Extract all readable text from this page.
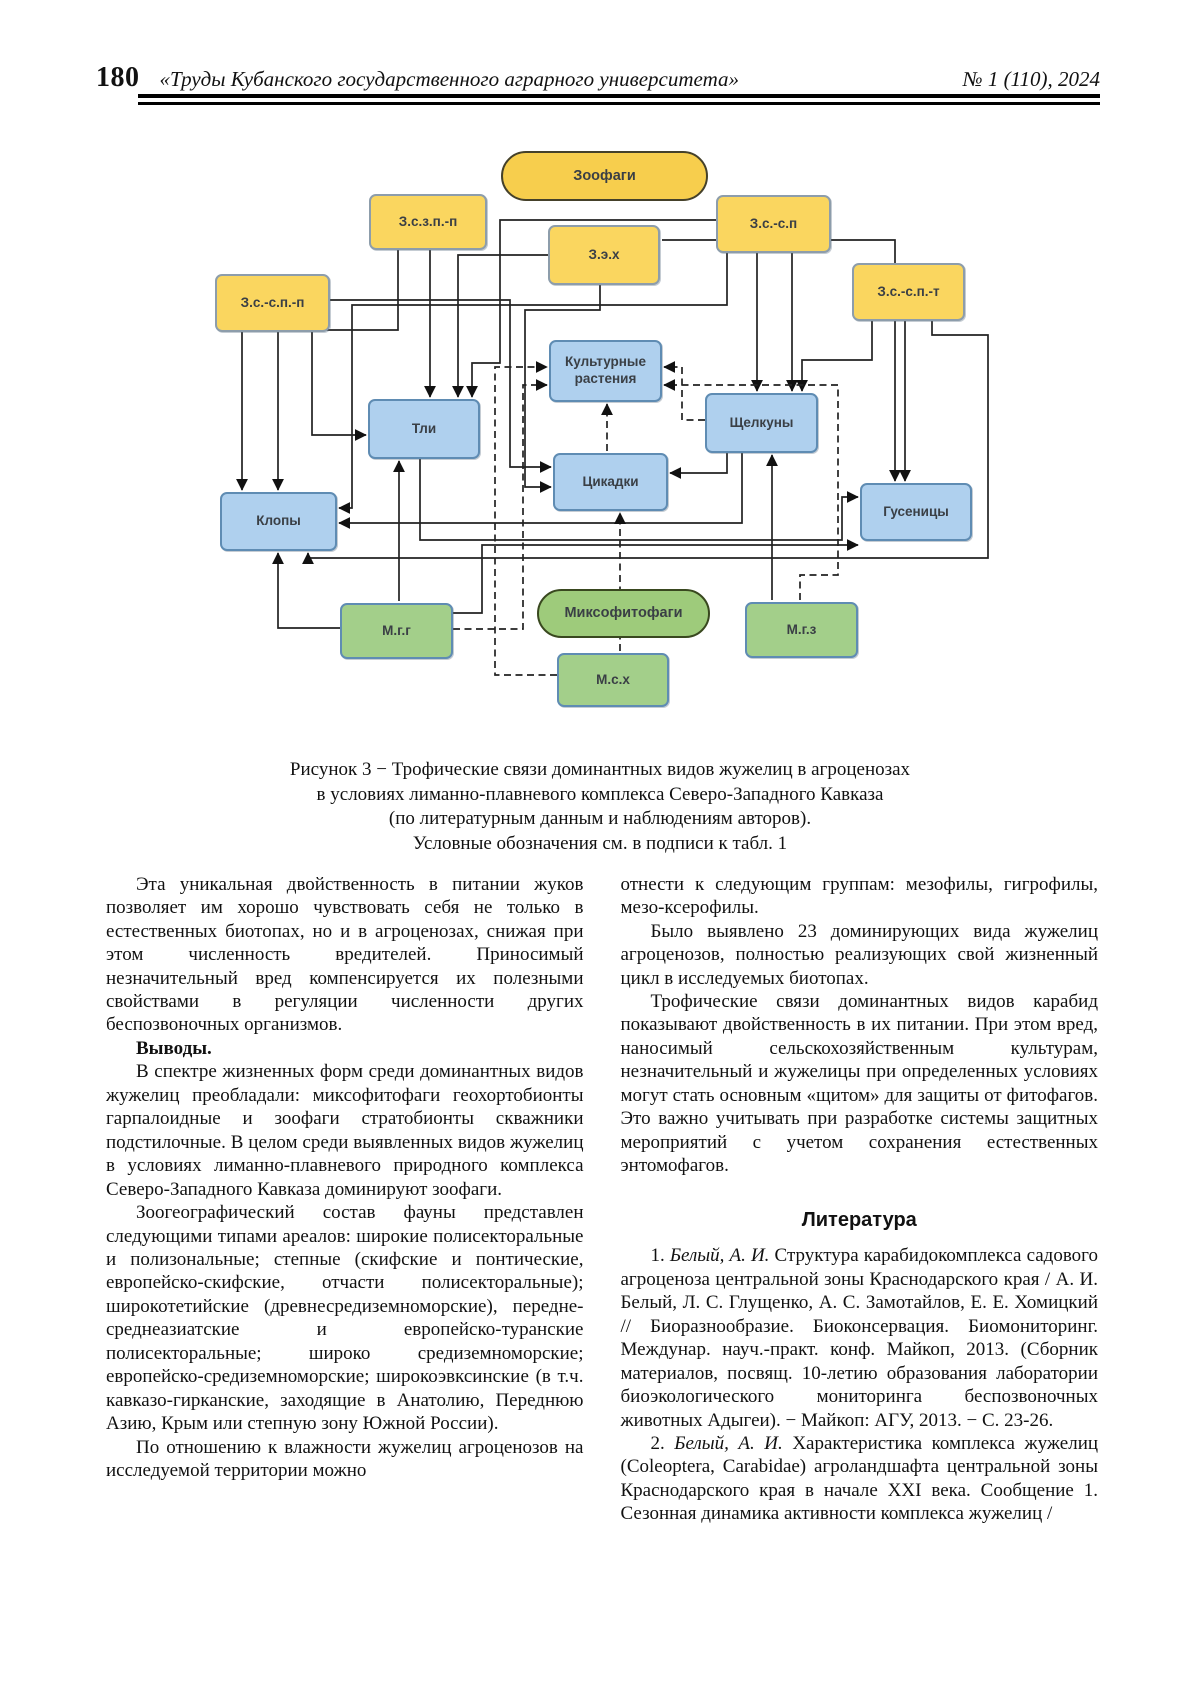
180 «Труды Кубанского государственного аграрного университета»	№ 1 (110), 2024
Зоофаги
З.с.з.п.-п	З.с.-с.п
З.э.х
З.с.-с.п.-п
З.с.-с.п.-т
Культурные растения
Тли	Щелкуны
Цикадки
Клопы
Гусеницы
Миксофитофаги
М.г.г	М.г.з
М.с.х
Рисунок 3 − Трофические связи доминантных видов жужелиц в агроценозах
в условиях лиманно-плавневого комплекса Северо-Западного Кавказа
(по литературным данным и наблюдениям авторов).
Условные обозначения см. в подписи к табл. 1

Эта уникальная двойственность в питании жуков позволяет им хорошо чувствовать себя не только в естественных биотопах, но и в агроценозах, снижая при этом численность вредителей. Приносимый незначительный вред компенсируется их полезными свойствами в регуляции численности других беспозвоночных организмов.

Выводы.

В спектре жизненных форм среди доминантных видов жужелиц преобладали: миксофитофаги геохортобионты гарпалоидные и зоофаги стратобионты скважники подстилочные. В целом среди выявленных видов жужелиц в условиях лиманно-плавневого природного комплекса Северо-Западного Кавказа доминируют зоофаги.

Зоогеографический состав фауны представлен следующими типами ареалов: широкие полисекторальные и полизональные; степные (скифские и понтические, европейско-скифские, отчасти полисекторальные); широкотетийские (древнесредиземноморские), передне-среднеазиатские и европейско-туранские полисекторальные; широко средиземноморские; европейско-средиземноморские; широкоэвксинские (в т.ч. кавказо-гирканские, заходящие в Анатолию, Переднюю Азию, Крым или степную зону Южной России).

По отношению к влажности жужелиц агроценозов на исследуемой территории можно

отнести к следующим группам: мезофилы, гигрофилы, мезо-ксерофилы.

Было выявлено 23 доминирующих вида жужелиц агроценозов, полностью реализующих свой жизненный цикл в исследуемых биотопах.

Трофические связи доминантных видов карабид показывают двойственность в их питании. При этом вред, наносимый сельскохозяйственным культурам, незначительный и жужелицы при определенных условиях могут стать основным «щитом» для защиты от фитофагов. Это важно учитывать при разработке системы защитных мероприятий с учетом сохранения естественных энтомофагов.

Литература

1. Белый, А. И. Структура карабидокомплекса садового агроценоза центральной зоны Краснодарского края / А. И. Белый, Л. С. Глущенко, А. С. Замотайлов, Е. Е. Хомицкий // Биоразнообразие. Биоконсервация. Биомониторинг. Междунар. науч.-практ. конф. Майкоп, 2013. (Сборник материалов, посвящ. 10-летию образования лаборатории биоэкологического мониторинга беспозвоночных животных Адыгеи). − Майкоп: АГУ, 2013. − С. 23-26.

2. Белый, А. И. Характеристика комплекса жужелиц (Coleoptera, Carabidae) агроландшафта центральной зоны Краснодарского края в начале XXI века. Сообщение 1. Сезонная динамика активности комплекса жужелиц /
